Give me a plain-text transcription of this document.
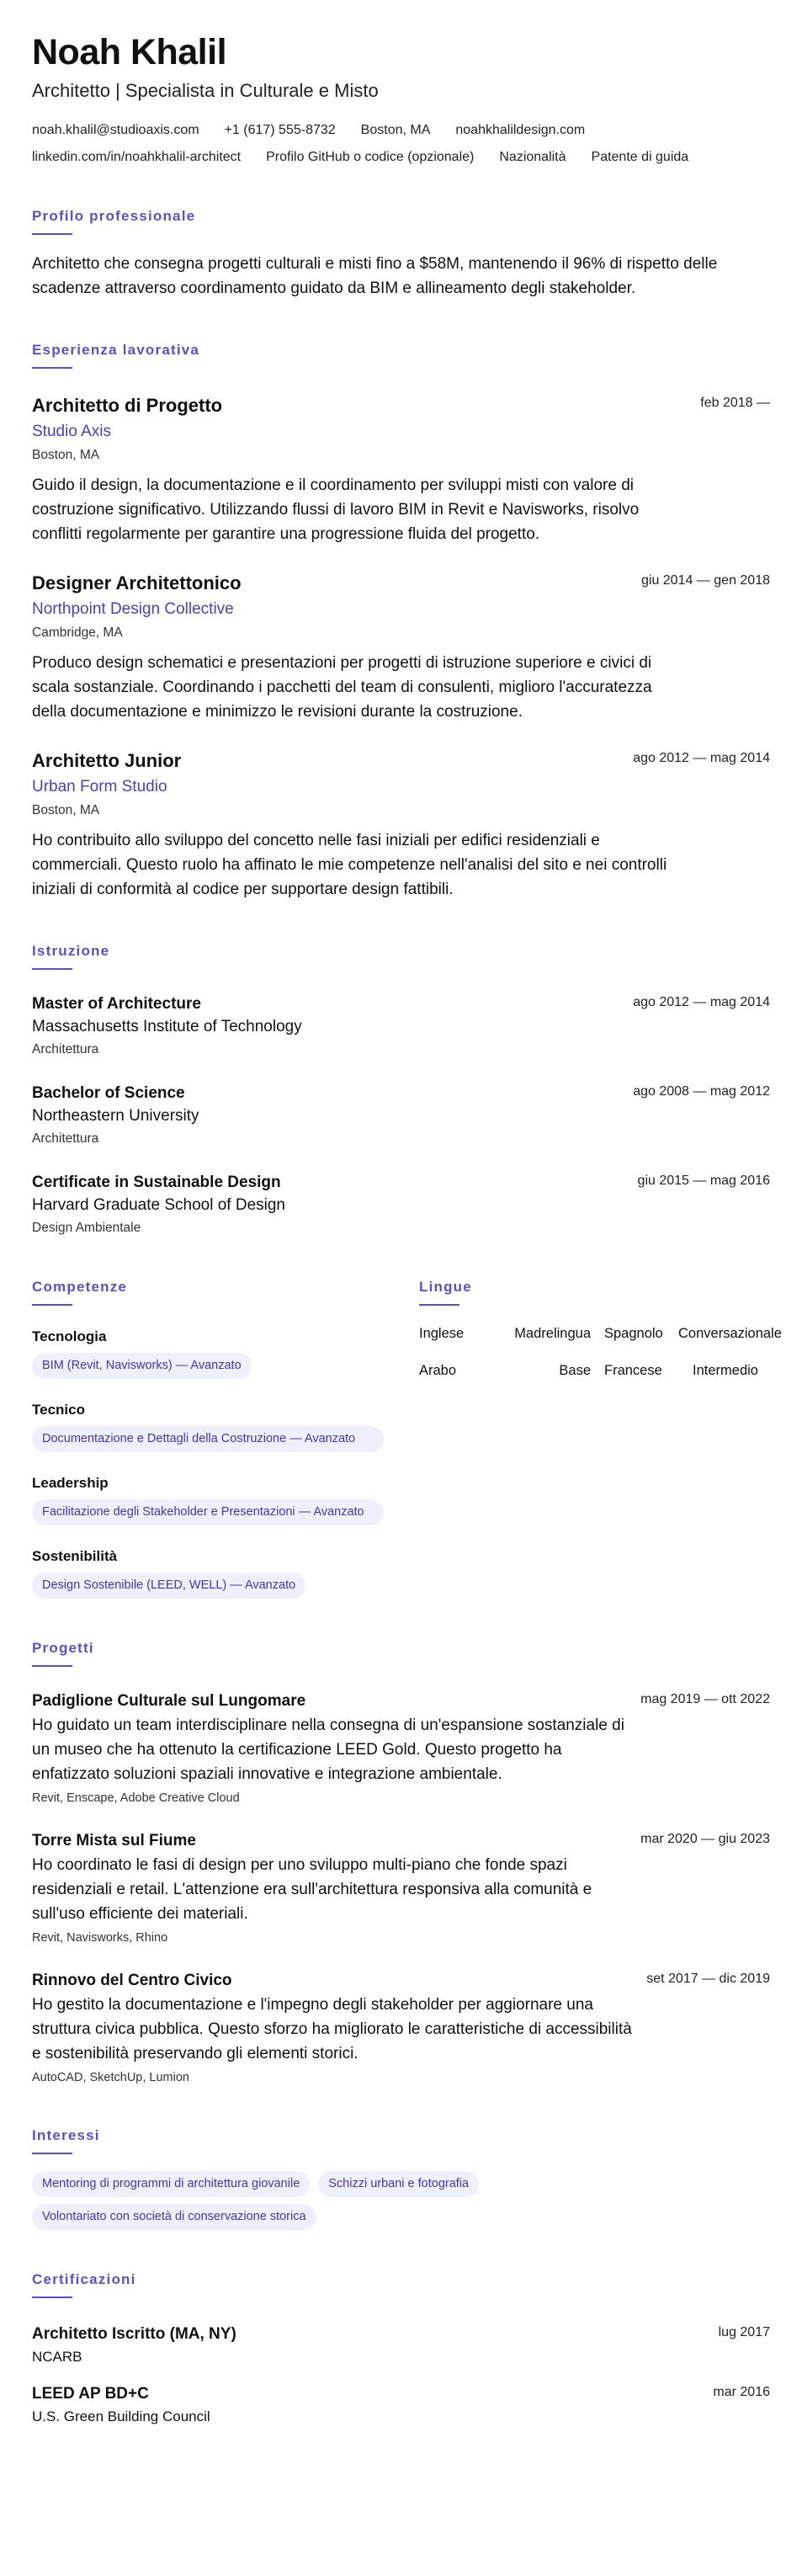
Noah Khalil
Architetto | Specialista in Culturale e Misto
noah.khalil@studioaxis.com +1 (617) 555-8732 Boston, MA noahkhalildesign.com
linkedin.com/in/noahkhalil-architect Profilo GitHub o codice (opzionale) Nazionalità Patente di guida
Profilo professionale

Architetto che consegna progetti culturali e misti fino a $58M, mantenendo il 96% di rispetto delle scadenze attraverso coordinamento guidato da BIM e allineamento degli stakeholder.

Esperienza lavorativa
Architetto di Progetto	feb 2018 —
Studio Axis
Boston, MA

Guido il design, la documentazione e il coordinamento per sviluppi misti con valore di costruzione significativo. Utilizzando flussi di lavoro BIM in Revit e Navisworks, risolvo conflitti regolarmente per garantire una progressione fluida del progetto.

Designer Architettonico	giu 2014 — gen 2018
Northpoint Design Collective
Cambridge, MA

Produco design schematici e presentazioni per progetti di istruzione superiore e civici di scala sostanziale. Coordinando i pacchetti del team di consulenti, miglioro l'accuratezza della documentazione e minimizzo le revisioni durante la costruzione.

Architetto Junior	ago 2012 — mag 2014
Urban Form Studio
Boston, MA

Ho contribuito allo sviluppo del concetto nelle fasi iniziali per edifici residenziali e commerciali. Questo ruolo ha affinato le mie competenze nell'analisi del sito e nei controlli iniziali di conformità al codice per supportare design fattibili.

Istruzione
Master of Architecture	ago 2012 — mag 2014
Massachusetts Institute of Technology
Architettura
Bachelor of Science	ago 2008 — mag 2012
Northeastern University
Architettura
Certificate in Sustainable Design	giu 2015 — mag 2016
Harvard Graduate School of Design
Design Ambientale
Competenze
Tecnologia
BIM (Revit, Navisworks) — Avanzato
Tecnico
Documentazione e Dettagli della Costruzione — Avanzato
Leadership
Facilitazione degli Stakeholder e Presentazioni — Avanzato
Sostenibilità
Design Sostenibile (LEED, WELL) — Avanzato
Lingue
Inglese	Madrelingua Spagnolo	Conversazionale
Arabo	Base Francese	Intermedio
Progetti
Padiglione Culturale sul Lungomare	mag 2019 — ott 2022

Ho guidato un team interdisciplinare nella consegna di un'espansione sostanziale di un museo che ha ottenuto la certificazione LEED Gold. Questo progetto ha enfatizzato soluzioni spaziali innovative e integrazione ambientale.

Revit, Enscape, Adobe Creative Cloud
Torre Mista sul Fiume	mar 2020 — giu 2023

Ho coordinato le fasi di design per uno sviluppo multi-piano che fonde spazi residenziali e retail. L'attenzione era sull'architettura responsiva alla comunità e sull'uso efficiente dei materiali.

Revit, Navisworks, Rhino
Rinnovo del Centro Civico	set 2017 — dic 2019

Ho gestito la documentazione e l'impegno degli stakeholder per aggiornare una struttura civica pubblica. Questo sforzo ha migliorato le caratteristiche di accessibilità e sostenibilità preservando gli elementi storici.

AutoCAD, SketchUp, Lumion
Interessi
Mentoring di programmi di architettura giovanile	Schizzi urbani e fotografia
Volontariato con società di conservazione storica
Certificazioni
Architetto Iscritto (MA, NY)	lug 2017
NCARB
LEED AP BD+C	mar 2016
U.S. Green Building Council
